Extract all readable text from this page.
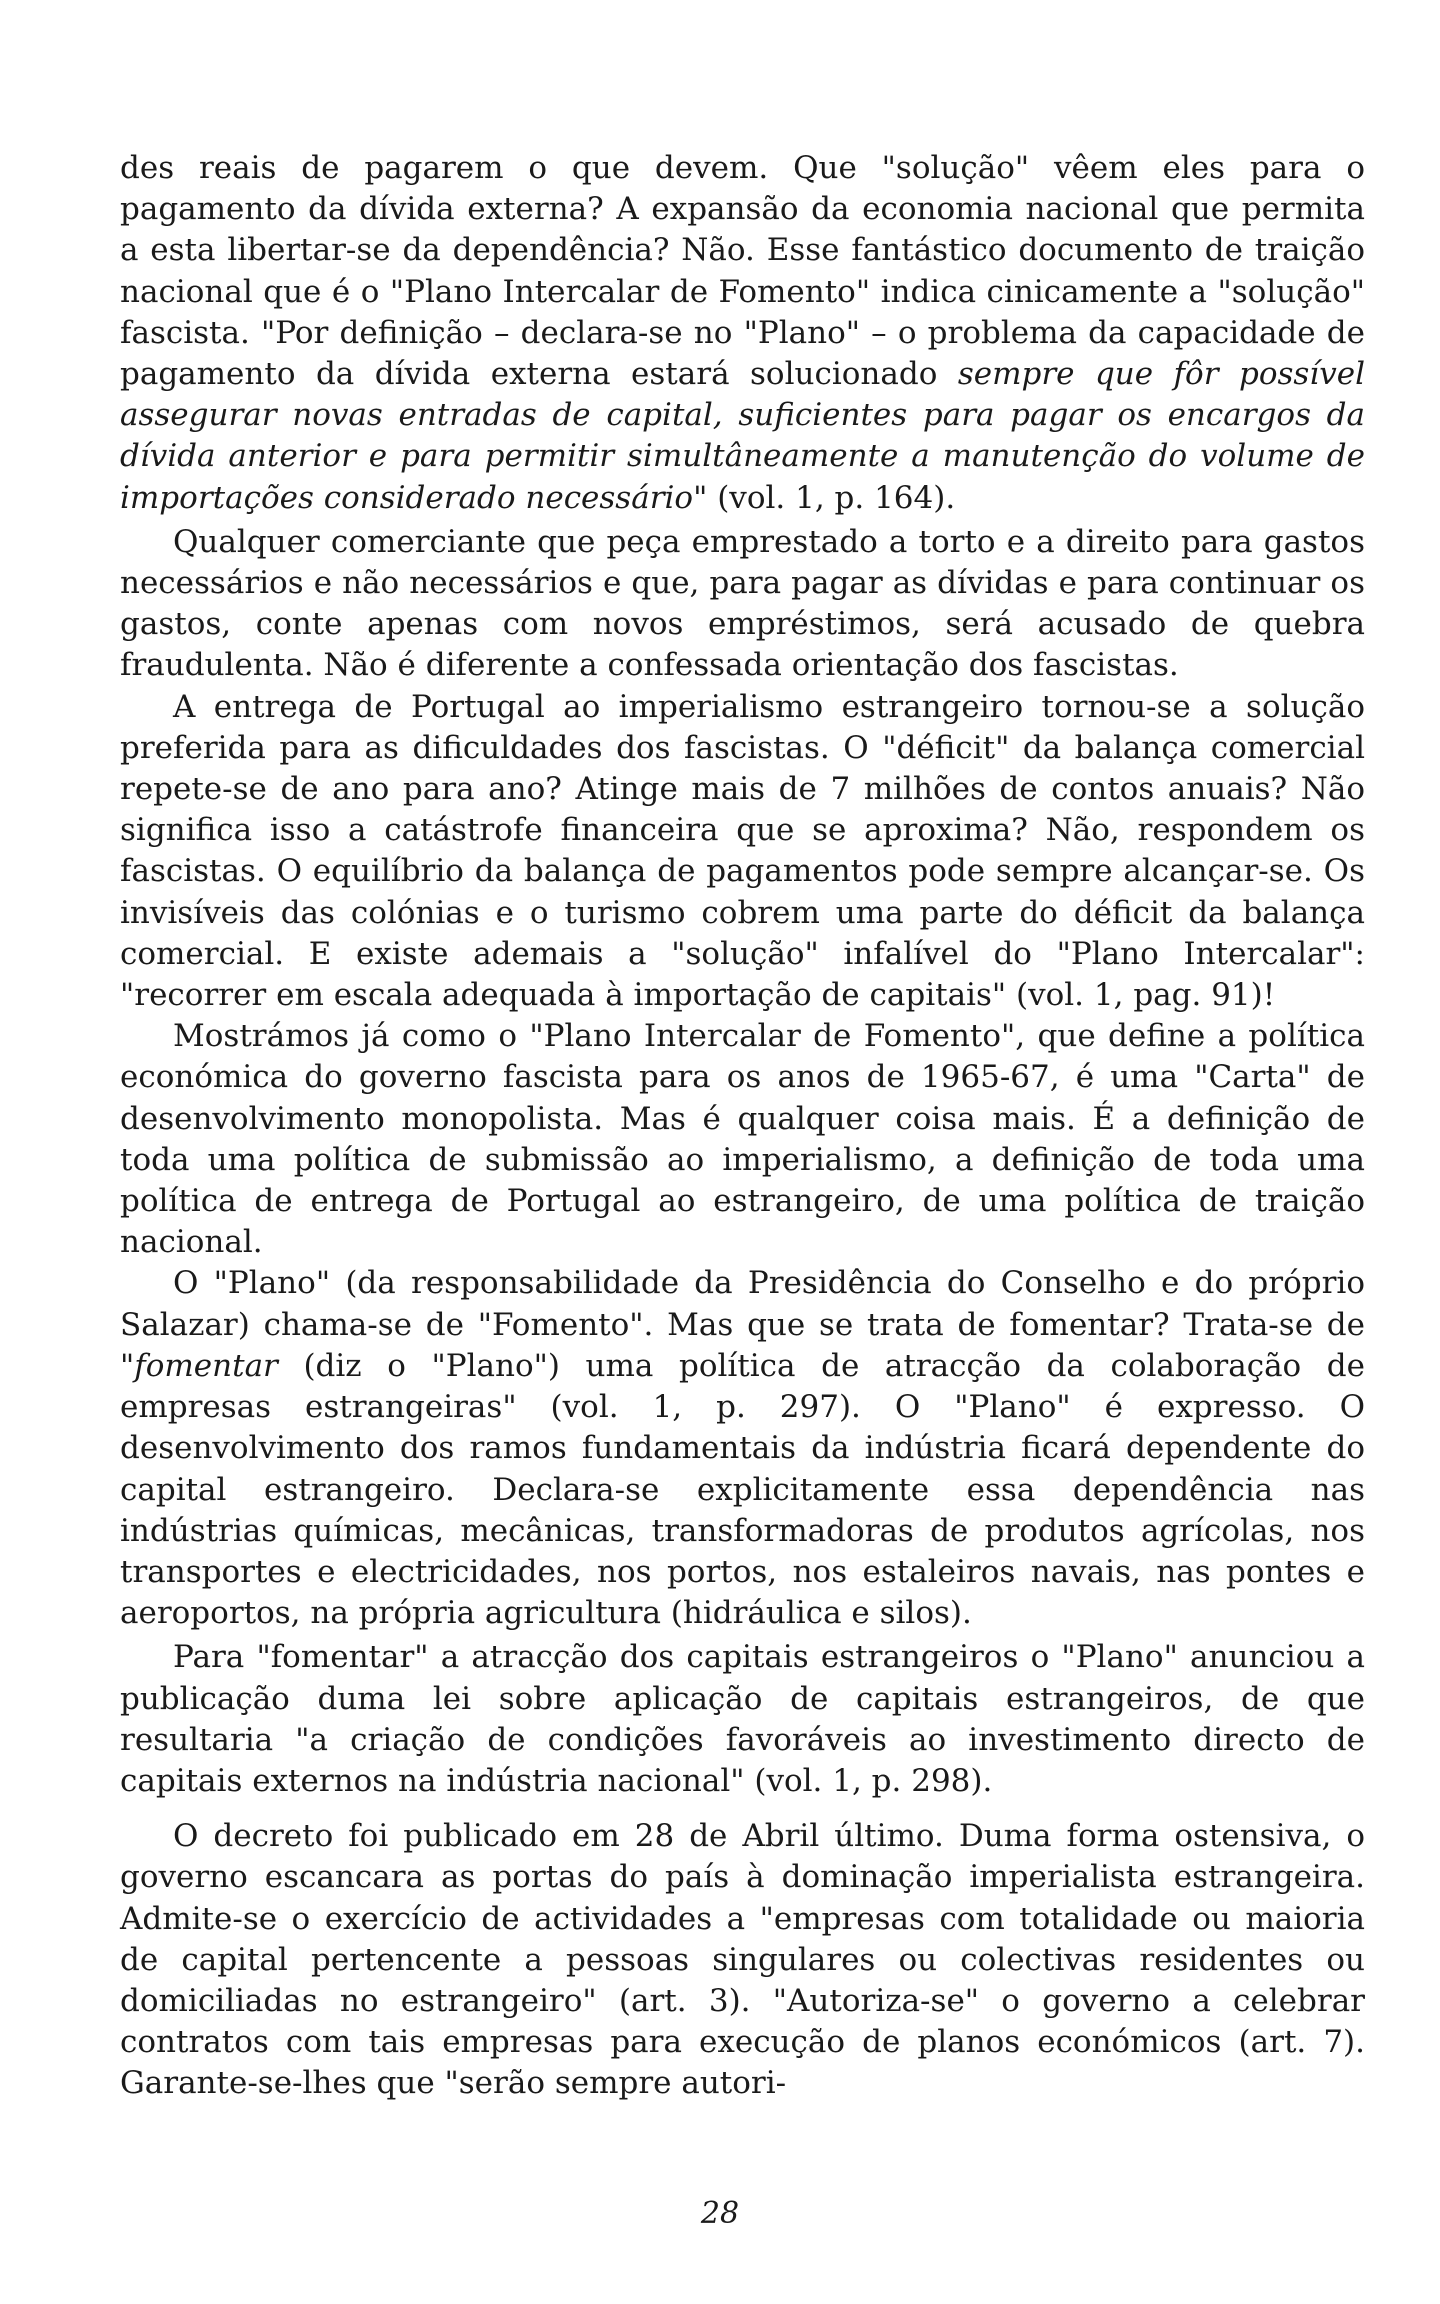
des reais de pagarem o que devem. Que "solução" vêem eles para o pagamento da dívida externa? A expansão da economia nacional que permita a esta libertar-se da dependência? Não. Esse fantástico documento de traição nacional que é o "Plano Intercalar de Fomento" indica cinicamente a "solução" fascista. "Por definição – declara-se no "Plano" – o problema da capacidade de pagamento da dívida externa estará solucionado sempre que fôr possível assegurar novas entradas de capital, suficientes para pagar os encargos da dívida anterior e para permitir simultâneamente a manutenção do volume de importações considerado necessário" (vol. 1, p. 164).

Qualquer comerciante que peça emprestado a torto e a direito para gastos necessários e não necessários e que, para pagar as dívidas e para continuar os gastos, conte apenas com novos empréstimos, será acusado de quebra fraudulenta. Não é diferente a confessada orientação dos fascistas.

A entrega de Portugal ao imperialismo estrangeiro tornou-se a solução preferida para as dificuldades dos fascistas. O "déficit" da balança comercial repete-se de ano para ano? Atinge mais de 7 milhões de contos anuais? Não significa isso a catástrofe financeira que se aproxima? Não, respondem os fascistas. O equilíbrio da balança de pagamentos pode sempre alcançar-se. Os invisíveis das colónias e o turismo cobrem uma parte do déficit da balança comercial. E existe ademais a "solução" infalível do "Plano Intercalar": "recorrer em escala adequada à importação de capitais" (vol. 1, pag. 91)!

Mostrámos já como o "Plano Intercalar de Fomento", que define a política económica do governo fascista para os anos de 1965-67, é uma "Carta" de desenvolvimento monopolista. Mas é qualquer coisa mais. É a definição de toda uma política de submissão ao imperialismo, a definição de toda uma política de entrega de Portugal ao estrangeiro, de uma política de traição nacional.

O "Plano" (da responsabilidade da Presidência do Conselho e do próprio Salazar) chama-se de "Fomento". Mas que se trata de fomentar? Trata-se de "fomentar (diz o "Plano") uma política de atracção da colaboração de empresas estrangeiras" (vol. 1, p. 297). O "Plano" é expresso. O desenvolvimento dos ramos fundamentais da indústria ficará dependente do capital estrangeiro. Declara-se explicitamente essa dependência nas indústrias químicas, mecânicas, transformadoras de produtos agrícolas, nos transportes e electricidades, nos portos, nos estaleiros navais, nas pontes e aeroportos, na própria agricultura (hidráulica e silos).

Para "fomentar" a atracção dos capitais estrangeiros o "Plano" anunciou a publicação duma lei sobre aplicação de capitais estrangeiros, de que resultaria "a criação de condições favoráveis ao investimento directo de capitais externos na indústria nacional" (vol. 1, p. 298).

O decreto foi publicado em 28 de Abril último. Duma forma ostensiva, o governo escancara as portas do país à dominação imperialista estrangeira. Admite-se o exercício de actividades a "empresas com totalidade ou maioria de capital pertencente a pessoas singulares ou colectivas residentes ou domiciliadas no estrangeiro" (art. 3). "Autoriza-se" o governo a celebrar contratos com tais empresas para execução de planos económicos (art. 7). Garante-se-lhes que "serão sempre autori-

28
